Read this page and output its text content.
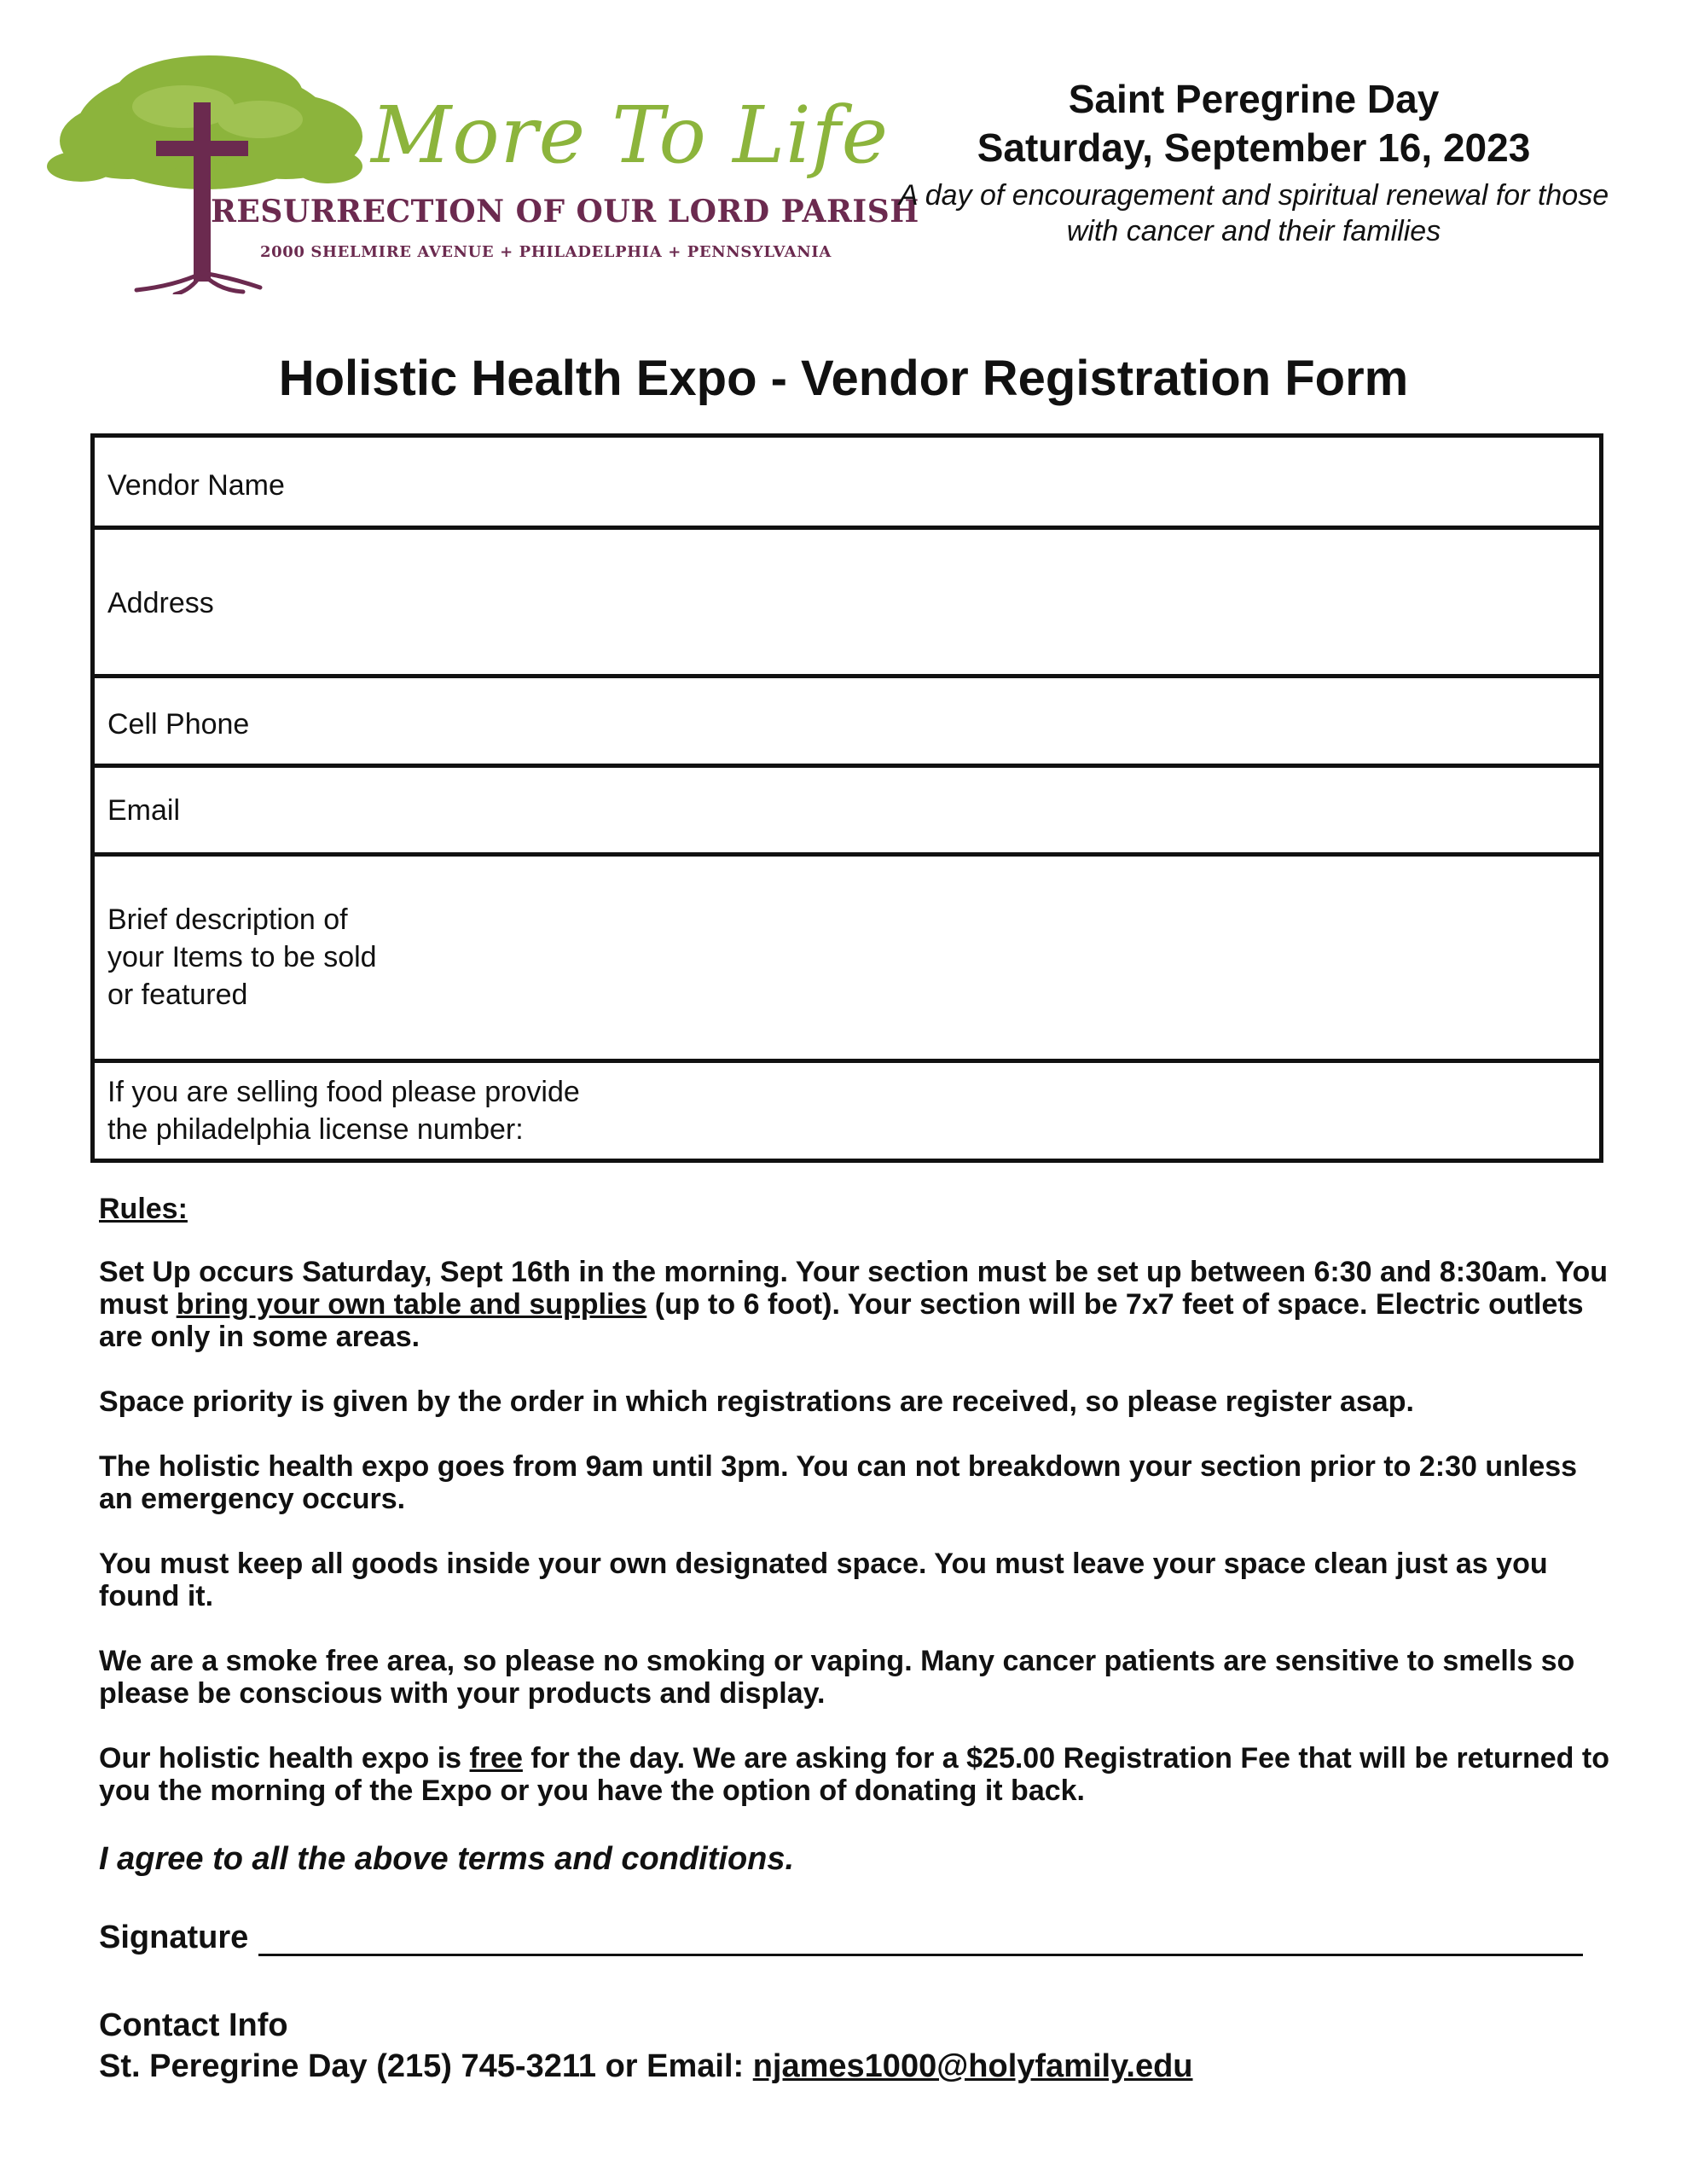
More To Life
RESURRECTION OF OUR LORD PARISH
2000 SHELMIRE AVENUE + PHILADELPHIA + PENNSYLVANIA
Saint Peregrine Day
Saturday, September 16, 2023
A day of encouragement and spiritual renewal for those with cancer and their families
Holistic Health Expo - Vendor Registration Form
Vendor Name
Address
Cell Phone
Email
Brief description of
your Items to be sold
or featured
If you are selling food please provide
the philadelphia license number:
Rules:
Set Up occurs Saturday, Sept 16th in the morning. Your section must be set up between 6:30 and 8:30am. You must bring your own table and supplies (up to 6 foot). Your section will be 7x7 feet of space. Electric outlets are only in some areas.
Space priority is given by the order in which registrations are received, so please register asap.
The holistic health expo goes from 9am until 3pm. You can not breakdown your section prior to 2:30 unless an emergency occurs.
You must keep all goods inside your own designated space. You must leave your space clean just as you found it.
We are a smoke free area, so please no smoking or vaping. Many cancer patients are sensitive to smells so please be conscious with your products and display.
Our holistic health expo is free for the day. We are asking for a $25.00 Registration Fee that will be returned to you the morning of the Expo or you have the option of donating it back.
I agree to all the above terms and conditions.
Signature
Contact Info
St. Peregrine Day (215) 745-3211 or Email: njames1000@holyfamily.edu
